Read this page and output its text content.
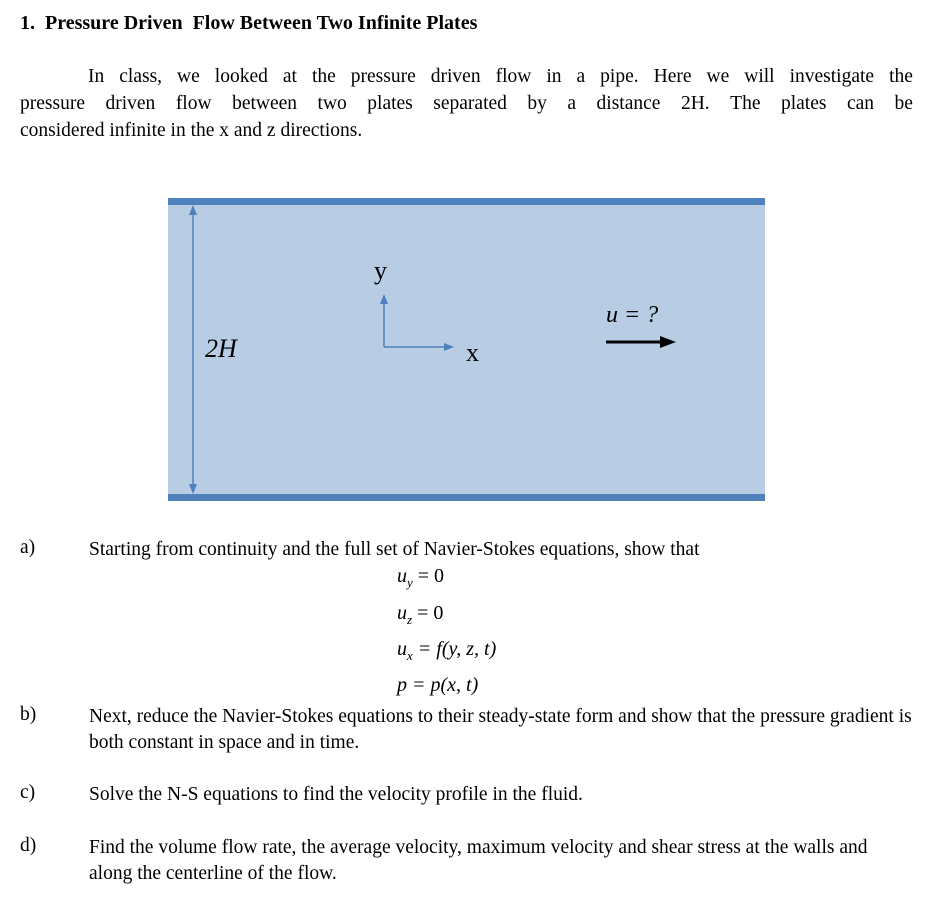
1.  Pressure Driven  Flow Between Two Infinite Plates
In class, we looked at the pressure driven flow in a pipe. Here we will investigate the
pressure driven flow between two plates separated by a distance 2H. The plates can be
considered infinite in the x and z directions.
2H
y
x
u = ?
a)	Starting from continuity and the full set of Navier-Stokes equations, show that
$u_y = 0$
$u_z = 0$
$u_x = f(y$, z, t)
p = p(x, t)
b)	Next, reduce the Navier-Stokes equations to their steady-state form and show that the pressure gradient is both constant in space and in time.
c)	Solve the N-S equations to find the velocity profile in the fluid.
d)	Find the volume flow rate, the average velocity, maximum velocity and shear stress at the walls and along the centerline of the flow.
